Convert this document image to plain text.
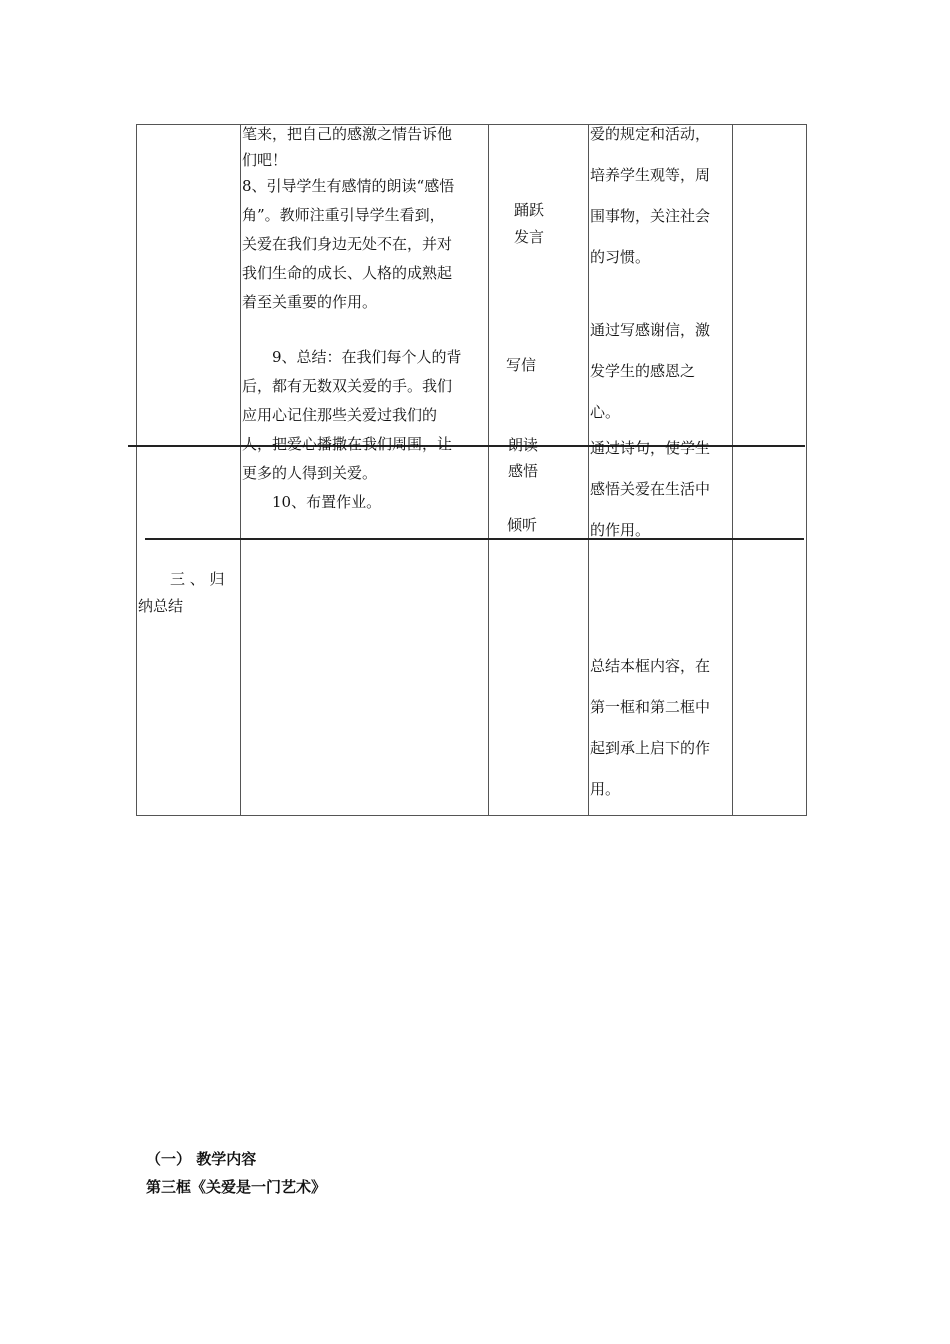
笔来，把自己的感激之情告诉他
们吧！
8、引导学生有感情的朗读“感悟
角”。教师注重引导学生看到，
关爱在我们身边无处不在，并对
我们生命的成长、人格的成熟起
着至关重要的作用。
　　9、总结：在我们每个人的背
后，都有无数双关爱的手。我们
应用心记住那些关爱过我们的
人，把爱心播撒在我们周围，让
更多的人得到关爱。
　　10、布置作业。
踊跃
发言
写信
朗读
感悟
倾听
爱的规定和活动，
培养学生观等，周
围事物，关注社会
的习惯。
通过写感谢信，激
发学生的感恩之
心。
通过诗句，使学生
感悟关爱在生活中
的作用。
总结本框内容，在
第一框和第二框中
起到承上启下的作
用。
三 、 归
纳总结
（一） 教学内容
第三框《关爱是一门艺术》
